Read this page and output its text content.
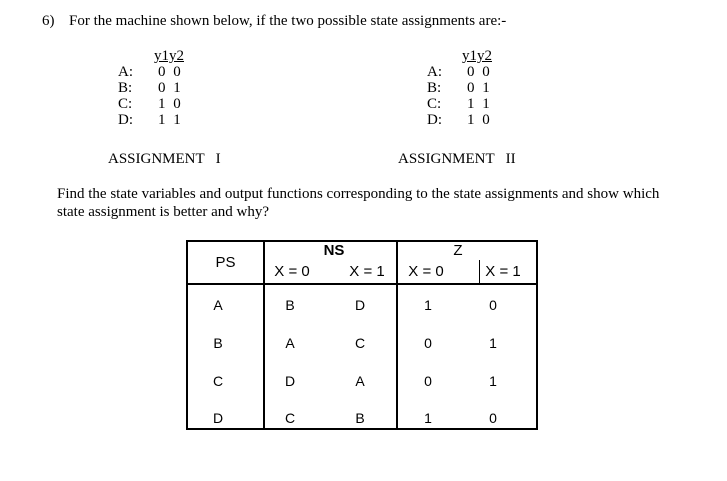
6) For the machine shown below, if the two possible state assignments are:-
y1y2
A: 0 0
B: 0 1
C: 1 0
D: 1 1
ASSIGNMENT   I
y1y2
A: 0 0
B: 0 1
C: 1 1
D: 1 0
ASSIGNMENT   II
Find the state variables and output functions corresponding to the state assignments and show which
state assignment is better and why?
PS
NS	Z
X = 0	X = 1	X = 0	X = 1
A	B	D	1	0
B	A	C	0	1
C	D	A	0	1
D	C	B	1	0
